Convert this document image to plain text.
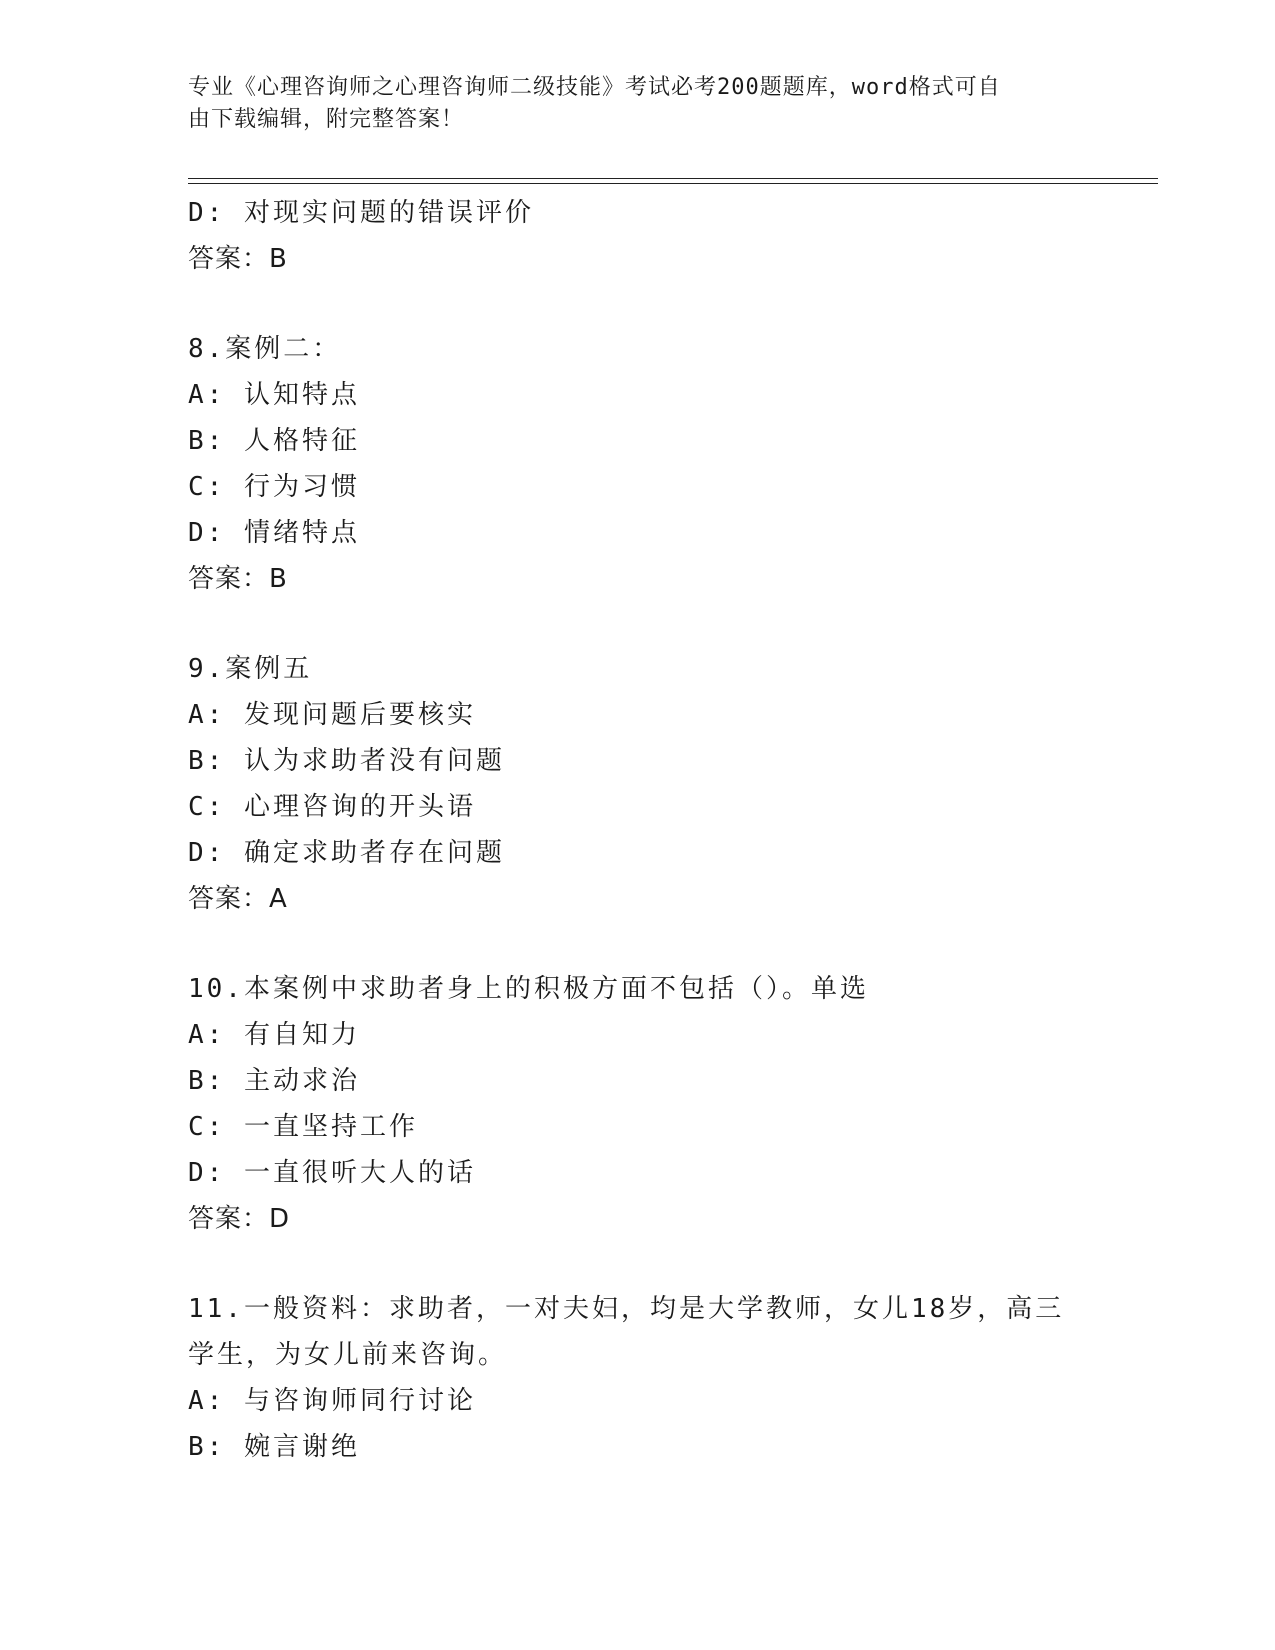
专业《心理咨询师之心理咨询师二级技能》考试必考200题题库，word格式可自
由下载编辑，附完整答案！
D: 对现实问题的错误评价
答案：B
8.案例二：
A: 认知特点
B: 人格特征
C: 行为习惯
D: 情绪特点
答案：B
9.案例五
A: 发现问题后要核实
B: 认为求助者没有问题
C: 心理咨询的开头语
D: 确定求助者存在问题
答案：A
10.本案例中求助者身上的积极方面不包括（）。单选
A: 有自知力
B: 主动求治
C: 一直坚持工作
D: 一直很听大人的话
答案：D
11.一般资料：求助者，一对夫妇，均是大学教师，女儿18岁，高三
学生，为女儿前来咨询。
A: 与咨询师同行讨论
B: 婉言谢绝
